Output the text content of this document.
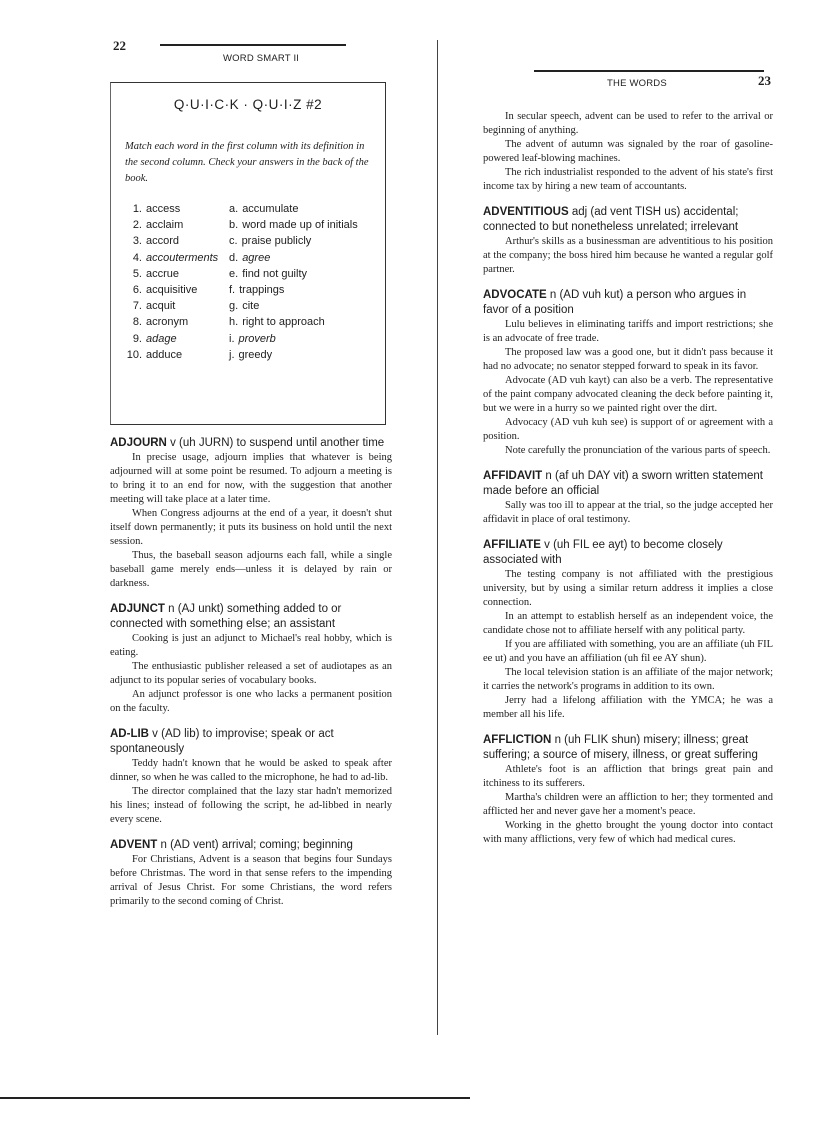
22
WORD SMART II
Q·U·I·C·K · Q·U·I·Z #2
Match each word in the first column with its definition in the second column. Check your answers in the back of the book.
1. access
2. acclaim
3. accord
4. accouterments
5. accrue
6. acquisitive
7. acquit
8. acronym
9. adage
10. adduce
a. accumulate
b. word made up of initials
c. praise publicly
d. agree
e. find not guilty
f. trappings
g. cite
h. right to approach
i. proverb
j. greedy
ADJOURN v (uh JURN) to suspend until another time

In precise usage, adjourn implies that whatever is being adjourned will at some point be resumed. To adjourn a meeting is to bring it to an end for now, with the suggestion that another meeting will take place at a later time.

When Congress adjourns at the end of a year, it doesn't shut itself down permanently; it puts its business on hold until the next session.

Thus, the baseball season adjourns each fall, while a single baseball game merely ends—unless it is delayed by rain or darkness.

ADJUNCT n (AJ unkt) something added to or connected with something else; an assistant

Cooking is just an adjunct to Michael's real hobby, which is eating.

The enthusiastic publisher released a set of audiotapes as an adjunct to its popular series of vocabulary books.

An adjunct professor is one who lacks a permanent position on the faculty.

AD-LIB v (AD lib) to improvise; speak or act spontaneously

Teddy hadn't known that he would be asked to speak after dinner, so when he was called to the microphone, he had to ad-lib.

The director complained that the lazy star hadn't memorized his lines; instead of following the script, he ad-libbed in nearly every scene.

ADVENT n (AD vent) arrival; coming; beginning

For Christians, Advent is a season that begins four Sundays before Christmas. The word in that sense refers to the impending arrival of Jesus Christ. For some Christians, the word refers primarily to the second coming of Christ.

THE WORDS	23

In secular speech, advent can be used to refer to the arrival or beginning of anything.

The advent of autumn was signaled by the roar of gasoline-powered leaf-blowing machines.

The rich industrialist responded to the advent of his state's first income tax by hiring a new team of accountants.

ADVENTITIOUS adj (ad vent TISH us) accidental; connected to but nonetheless unrelated; irrelevant

Arthur's skills as a businessman are adventitious to his position at the company; the boss hired him because he wanted a regular golf partner.

ADVOCATE n (AD vuh kut) a person who argues in favor of a position

Lulu believes in eliminating tariffs and import restrictions; she is an advocate of free trade.

The proposed law was a good one, but it didn't pass because it had no advocate; no senator stepped forward to speak in its favor.

Advocate (AD vuh kayt) can also be a verb. The representative of the paint company advocated cleaning the deck before painting it, but we were in a hurry so we painted right over the dirt.

Advocacy (AD vuh kuh see) is support of or agreement with a position.

Note carefully the pronunciation of the various parts of speech.

AFFIDAVIT n (af uh DAY vit) a sworn written statement made before an official

Sally was too ill to appear at the trial, so the judge accepted her affidavit in place of oral testimony.

AFFILIATE v (uh FIL ee ayt) to become closely associated with

The testing company is not affiliated with the prestigious university, but by using a similar return address it implies a close connection.

In an attempt to establish herself as an independent voice, the candidate chose not to affiliate herself with any political party.

If you are affiliated with something, you are an affiliate (uh FIL ee ut) and you have an affiliation (uh fil ee AY shun).

The local television station is an affiliate of the major network; it carries the network's programs in addition to its own.

Jerry had a lifelong affiliation with the YMCA; he was a member all his life.

AFFLICTION n (uh FLIK shun) misery; illness; great suffering; a source of misery, illness, or great suffering

Athlete's foot is an affliction that brings great pain and itchiness to its sufferers.

Martha's children were an affliction to her; they tormented and afflicted her and never gave her a moment's peace.

Working in the ghetto brought the young doctor into contact with many afflictions, very few of which had medical cures.
